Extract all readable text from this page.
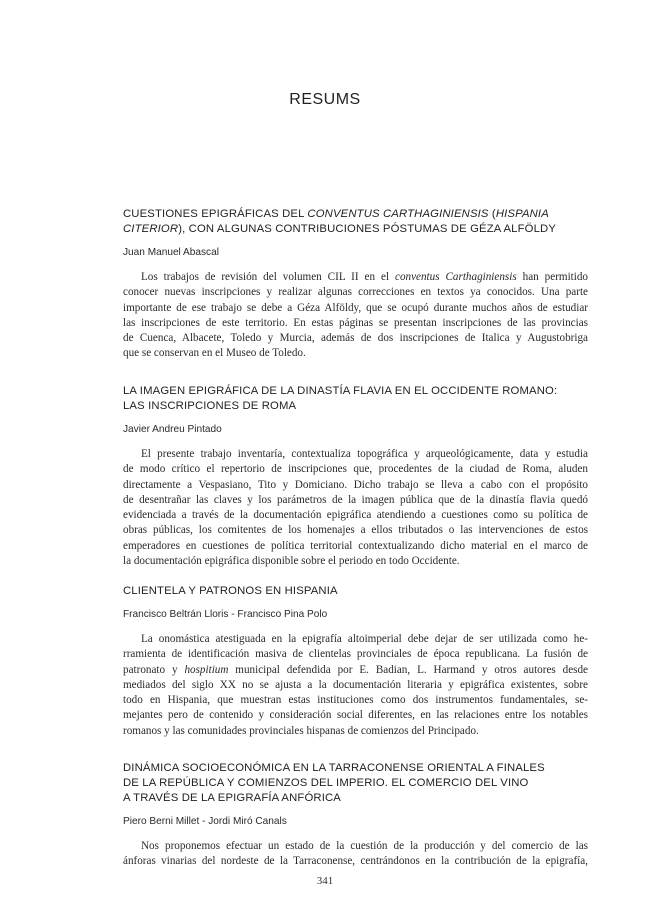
RESUMS

CUESTIONES EPIGRÁFICAS DEL CONVENTUS CARTHAGINIENSIS (HISPANIA
CITERIOR), CON ALGUNAS CONTRIBUCIONES PÓSTUMAS DE GÉZA ALFÖLDY

Juan Manuel Abascal
Los trabajos de revisión del volumen CIL II en el conventus Carthaginiensis han permitido
conocer nuevas inscripciones y realizar algunas correcciones en textos ya conocidos. Una parte
importante de ese trabajo se debe a Géza Alföldy, que se ocupó durante muchos años de estudiar
las inscripciones de este territorio. En estas páginas se presentan inscripciones de las provincias
de Cuenca, Albacete, Toledo y Murcia, además de dos inscripciones de Italica y Augustobriga
que se conservan en el Museo de Toledo.

LA IMAGEN EPIGRÁFICA DE LA DINASTÍA FLAVIA EN EL OCCIDENTE ROMANO:
LAS INSCRIPCIONES DE ROMA

Javier Andreu Pintado
El presente trabajo inventaría, contextualiza topográfica y arqueológicamente, data y estudia
de modo crítico el repertorio de inscripciones que, procedentes de la ciudad de Roma, aluden
directamente a Vespasiano, Tito y Domiciano. Dicho trabajo se lleva a cabo con el propósito
de desentrañar las claves y los parámetros de la imagen pública que de la dinastía flavia quedó
evidenciada a través de la documentación epigráfica atendiendo a cuestiones como su política de
obras públicas, los comitentes de los homenajes a ellos tributados o las intervenciones de estos
emperadores en cuestiones de política territorial contextualizando dicho material en el marco de
la documentación epigráfica disponible sobre el periodo en todo Occidente.

CLIENTELA Y PATRONOS EN HISPANIA

Francisco Beltrán Lloris - Francisco Pina Polo
La onomástica atestiguada en la epigrafía altoimperial debe dejar de ser utilizada como he-
rramienta de identificación masiva de clientelas provinciales de época republicana. La fusión de
patronato y hospitium municipal defendida por E. Badian, L. Harmand y otros autores desde
mediados del siglo XX no se ajusta a la documentación literaria y epigráfica existentes, sobre
todo en Hispania, que muestran estas instituciones como dos instrumentos fundamentales, se-
mejantes pero de contenido y consideración social diferentes, en las relaciones entre los notables
romanos y las comunidades provinciales hispanas de comienzos del Principado.

DINÁMICA SOCIOECONÓMICA EN LA TARRACONENSE ORIENTAL A FINALES
DE LA REPÚBLICA Y COMIENZOS DEL IMPERIO. EL COMERCIO DEL VINO
A TRAVÉS DE LA EPIGRAFÍA ANFÓRICA

Piero Berni Millet - Jordi Miró Canals
Nos proponemos efectuar un estado de la cuestión de la producción y del comercio de las
ánforas vinarias del nordeste de la Tarraconense, centrándonos en la contribución de la epigrafía,
341
